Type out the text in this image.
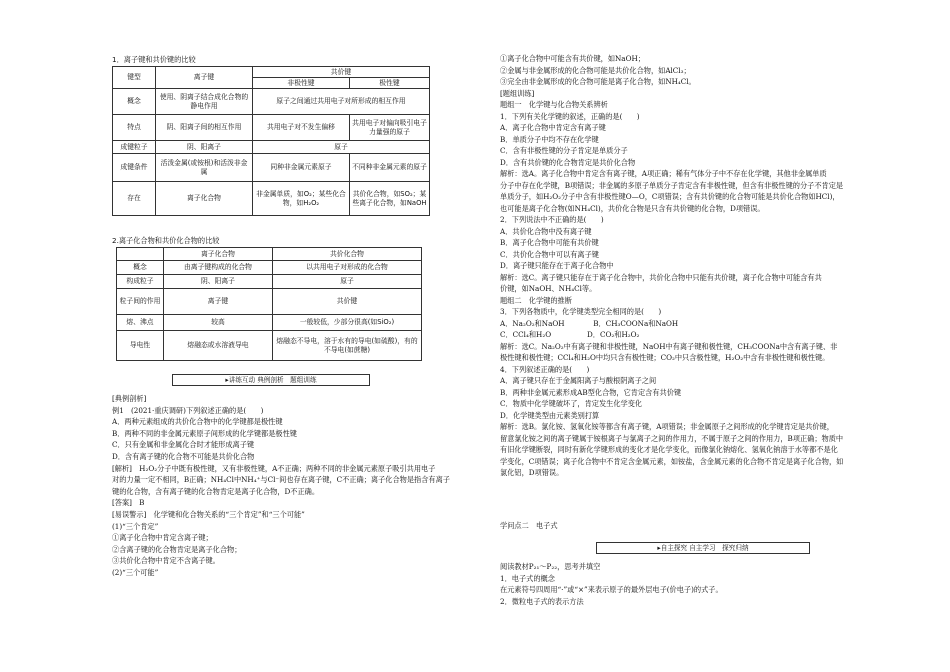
1．离子键和共价键的比较
键型	离子键	共价键	
		非极性键	极性键
概念	使用、阴离子结合成化合物的静电作用	原子之间通过共用电子对所形成的相互作用	
特点	阴、阳离子间的相互作用	共用电子对不发生偏移	共用电子对偏向吸引电子力量强的原子
成键粒子	阴、阳离子	原子	
成键条件	活泼金属(或铵根)和活泼非金属	同种非金属元素原子	不同种非金属元素的原子
存在	离子化合物	非金属单质，如O₂；某些化合物，如H₂O₂	共价化合物，如SO₂；某些离子化合物，如NaOH
2.离子化合物和共价化合物的比较
	离子化合物	共价化合物
概念	由离子键构成的化合物	以共用电子对形成的化合物
构成粒子	阴、阳离子	原子
粒子间的作用	离子键	共价键
熔、沸点	较高	一般较低，少部分很高(如SiO₂)
导电性	熔融态或水溶液导电	熔融态不导电，溶于水有的导电(如硫酸)，有的不导电(如蔗糖)
▸讲练互动 典例剖析　题组训练
[典例剖析]
例1　(2021·重庆调研)下列叙述正确的是(　　)
A．两种元素组成的共价化合物中的化学键都是极性键
B．两种不同的非金属元素原子间形成的化学键都是极性键
C．只有金属和非金属化合时才能形成离子键
D．含有离子键的化合物不可能是共价化合物
[解析]　H₂O₂分子中既有极性键，又有非极性键，A不正确；两种不同的非金属元素原子吸引共用电子
对的力量一定不相同，B正确；NH₄Cl中NH₄⁺与Cl⁻间也存在离子键，C不正确；离子化合物是指含有离子
键的化合物，含有离子键的化合物肯定是离子化合物，D不正确。
[答案]　B
[易误警示]　化学键和化合物关系的“三个肯定”和“三个可能”
(1)“三个肯定”
①离子化合物中肯定含离子键；
②含离子键的化合物肯定是离子化合物；
③共价化合物中肯定不含离子键。
(2)“三个可能”
①离子化合物中可能含有共价键，如NaOH；
②金属与非金属形成的化合物可能是共价化合物，如AlCl₃；
③完全由非金属形成的化合物可能是离子化合物，如NH₄Cl。
[题组训练]
题组一　化学键与化合物关系辨析
1．下列有关化学键的叙述，正确的是(　　)
A．离子化合物中肯定含有离子键
B．单质分子中均不存在化学键
C．含有非极性键的分子肯定是单质分子
D．含有共价键的化合物肯定是共价化合物
解析：选A。离子化合物中肯定含有离子键，A项正确；稀有气体分子中不存在化学键，其他非金属单质
分子中存在化学键，B项错误；非金属的多原子单质分子肯定含有非极性键，但含有非极性键的分子不肯定是
单质分子，如H₂O₂分子中含有非极性键O—O，C项错误；含有共价键的化合物可能是共价化合物如HCl)，
也可能是离子化合物(如NH₄Cl)，共价化合物是只含有共价键的化合物，D项错误。
2．下列说法中不正确的是(　　)
A．共价化合物中没有离子键
B．离子化合物中可能有共价键
C．共价化合物中可以有离子键
D．离子键只能存在于离子化合物中
解析：选C。离子键只能存在于离子化合物中，共价化合物中只能有共价键，离子化合物中可能含有共
价键，如NaOH、NH₄Cl等。
题组二　化学键的推断
3．下列各物质中，化学键类型完全相同的是(　　)
A．Na₂O₂和NaOH　　　　B．CH₃COONa和NaOH
C．CCl₄和H₂O　　　　　D．CO₂和H₂O₂
解析：选C。Na₂O₂中有离子键和非极性键，NaOH中有离子键和极性键，CH₃COONa中含有离子键、非
极性键和极性键；CCl₄和H₂O中均只含有极性键；CO₂中只含极性键，H₂O₂中含有非极性键和极性键。
4．下列叙述正确的是(　　)
A．离子键只存在于金属阳离子与酸根阴离子之间
B．两种非金属元素形成AB型化合物，它肯定含有共价键
C．物质中化学键破坏了，肯定发生化学变化
D．化学键类型由元素类别打算
解析：选B。氯化铵、氢氧化铵等都含有离子键，A项错误；非金属原子之间形成的化学键肯定是共价键，
留意氯化铵之间的离子键属于铵根离子与氯离子之间的作用力，不属于原子之间的作用力，B项正确；物质中
有旧化学键断裂，同时有新化学键形成的变化才是化学变化，而像氯化钠熔化、氢氧化钠溶于水等都不是化
学变化，C项错误；离子化合物中不肯定含金属元素，如铵盐，含金属元素的化合物不肯定是离子化合物，如
氯化铝，D项错误。
学问点二　电子式
▸自主探究 自主学习　探究归纳
阅读教材P₂₁～P₂₂，思考并填空
1．电子式的概念
在元素符号四周用“·”或“×”来表示原子的最外层电子(价电子)的式子。
2．微粒电子式的表示方法
